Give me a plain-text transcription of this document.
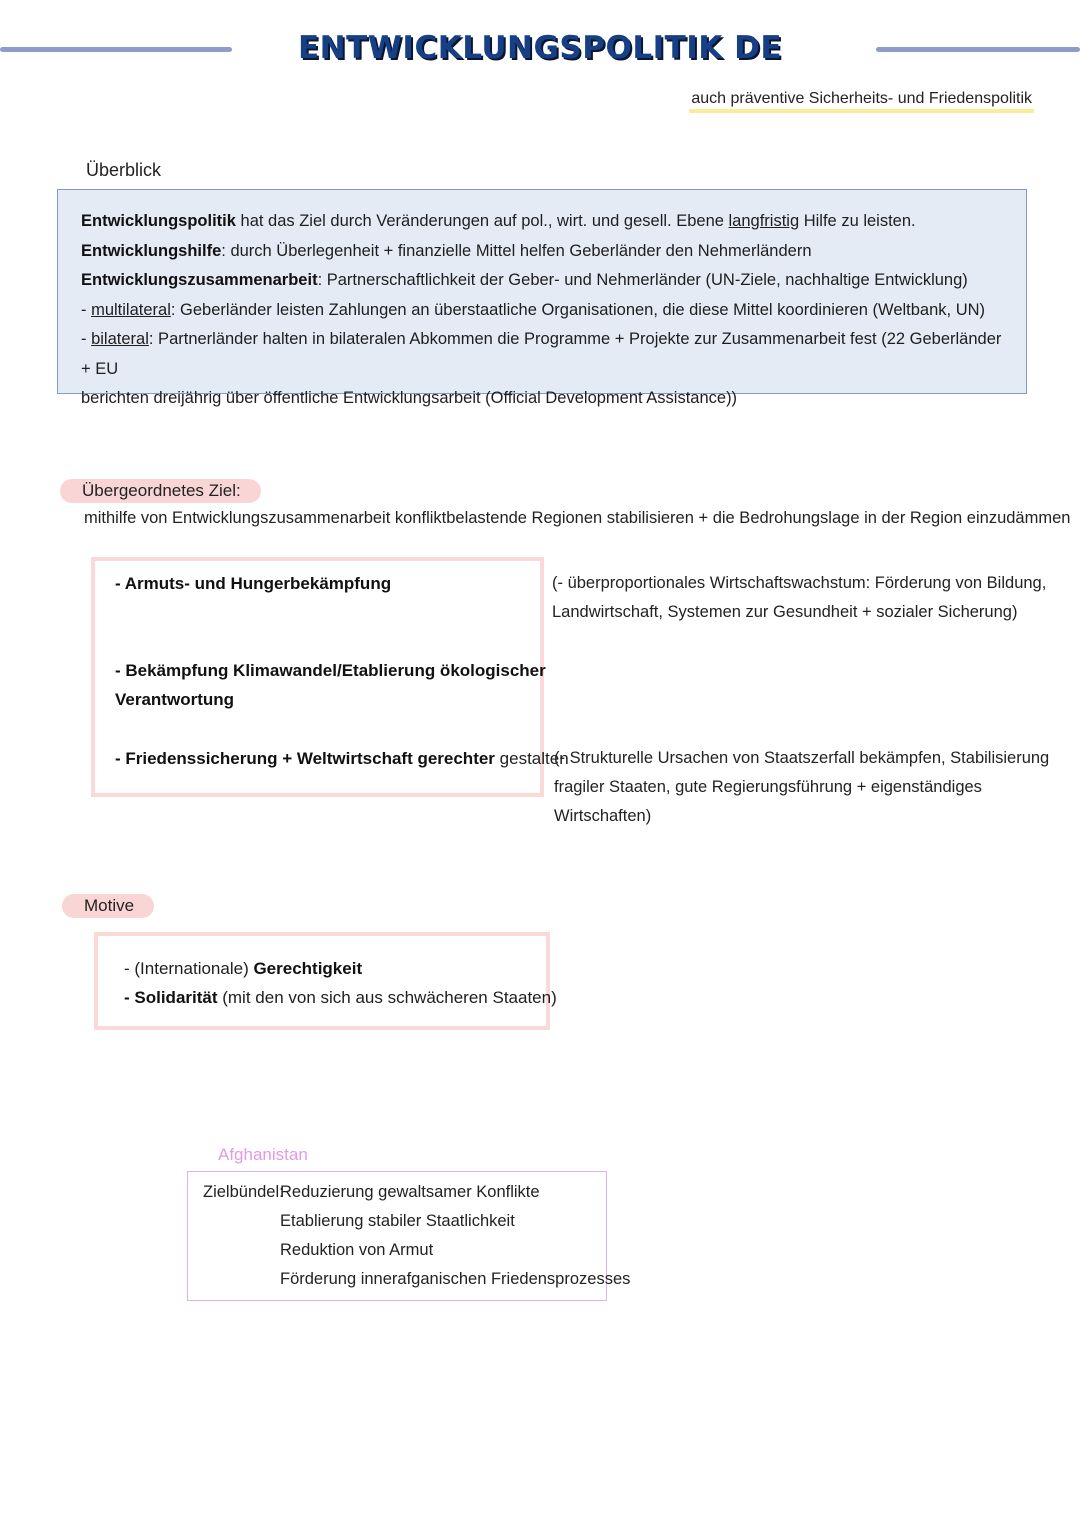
ENTWICKLUNGSPOLITIK DE
auch präventive Sicherheits- und Friedenspolitik
Überblick

Entwicklungspolitik hat das Ziel durch Veränderungen auf pol., wirt. und gesell. Ebene langfristig Hilfe zu leisten.

Entwicklungshilfe: durch Überlegenheit + finanzielle Mittel helfen Geberländer den Nehmerländern

Entwicklungszusammenarbeit: Partnerschaftlichkeit der Geber- und Nehmerländer (UN-Ziele, nachhaltige Entwicklung)

- multilateral: Geberländer leisten Zahlungen an überstaatliche Organisationen, die diese Mittel koordinieren (Weltbank, UN)

- bilateral: Partnerländer halten in bilateralen Abkommen die Programme + Projekte zur Zusammenarbeit fest (22 Geberländer + EU

berichten dreijährig über öffentliche Entwicklungsarbeit (Official Development Assistance))

Übergeordnetes Ziel:
mithilfe von Entwicklungszusammenarbeit konfliktbelastende Regionen stabilisieren + die Bedrohungslage in der Region einzudämmen
- Armuts- und Hungerbekämpfung
- Bekämpfung Klimawandel/Etablierung ökologischer
Verantwortung
- Friedenssicherung + Weltwirtschaft gerechter gestalten
(- überproportionales Wirtschaftswachstum: Förderung von Bildung,
Landwirtschaft, Systemen zur Gesundheit + sozialer Sicherung)
(- Strukturelle Ursachen von Staatszerfall bekämpfen, Stabilisierung
fragiler Staaten, gute Regierungsführung + eigenständiges Wirtschaften)
Motive
- (Internationale) Gerechtigkeit
- Solidarität (mit den von sich aus schwächeren Staaten)
Afghanistan
Zielbündel:
Reduzierung gewaltsamer Konflikte
Etablierung stabiler Staatlichkeit
Reduktion von Armut
Förderung innerafganischen Friedensprozesses
